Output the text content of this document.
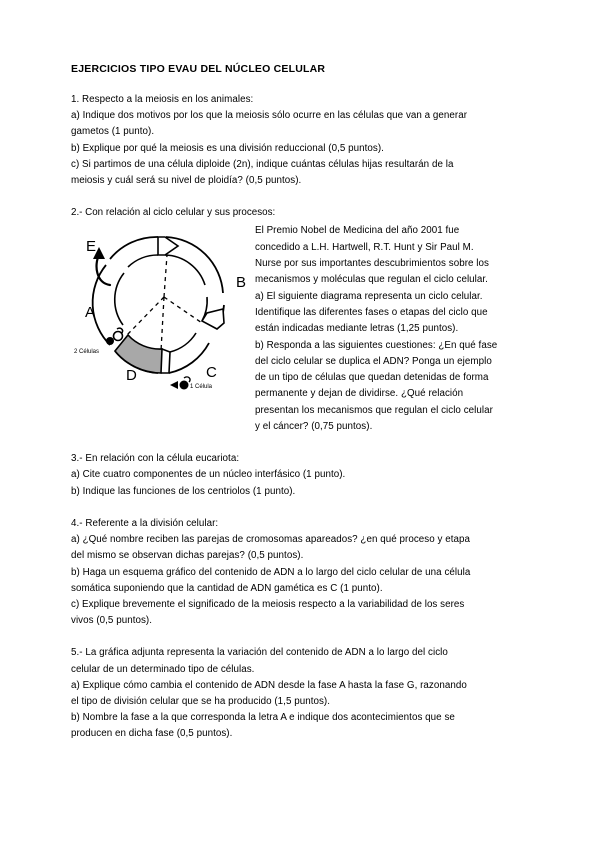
EJERCICIOS TIPO EVAU DEL NÚCLEO CELULAR
1. Respecto a la meiosis en los animales:
a) Indique dos motivos por los que la meiosis sólo ocurre en las células que van a generar
gametos (1 punto).
b) Explique por qué la meiosis es una división reduccional (0,5 puntos).
c) Si partimos de una célula diploide (2n), indique cuántas células hijas resultarán de la
meiosis y cuál será su nivel de ploidía? (0,5 puntos).
2.- Con relación al ciclo celular y sus procesos:
E
A
B
C
D
2 Células
1 Célula
El Premio Nobel de Medicina del año 2001 fue
concedido a L.H. Hartwell, R.T. Hunt y Sir Paul M.
Nurse por sus importantes descubrimientos sobre los
mecanismos y moléculas que regulan el ciclo celular.
a) El siguiente diagrama representa un ciclo celular.
Identifique las diferentes fases o etapas del ciclo que
están indicadas mediante letras (1,25 puntos).
b) Responda a las siguientes cuestiones: ¿En qué fase
del ciclo celular se duplica el ADN? Ponga un ejemplo
de un tipo de células que quedan detenidas de forma
permanente y dejan de dividirse. ¿Qué relación
presentan los mecanismos que regulan el ciclo celular
y el cáncer? (0,75 puntos).
3.- En relación con la célula eucariota:
a) Cite cuatro componentes de un núcleo interfásico (1 punto).
b) Indique las funciones de los centriolos (1 punto).
4.- Referente a la división celular:
a) ¿Qué nombre reciben las parejas de cromosomas apareados? ¿en qué proceso y etapa
del mismo se observan dichas parejas? (0,5 puntos).
b) Haga un esquema gráfico del contenido de ADN a lo largo del ciclo celular de una célula
somática suponiendo que la cantidad de ADN gamética es C (1 punto).
c) Explique brevemente el significado de la meiosis respecto a la variabilidad de los seres
vivos (0,5 puntos).
5.- La gráfica adjunta representa la variación del contenido de ADN a lo largo del ciclo
celular de un determinado tipo de células.
a) Explique cómo cambia el contenido de ADN desde la fase A hasta la fase G, razonando
el tipo de división celular que se ha producido (1,5 puntos).
b) Nombre la fase a la que corresponda la letra A e indique dos acontecimientos que se
producen en dicha fase (0,5 puntos).
